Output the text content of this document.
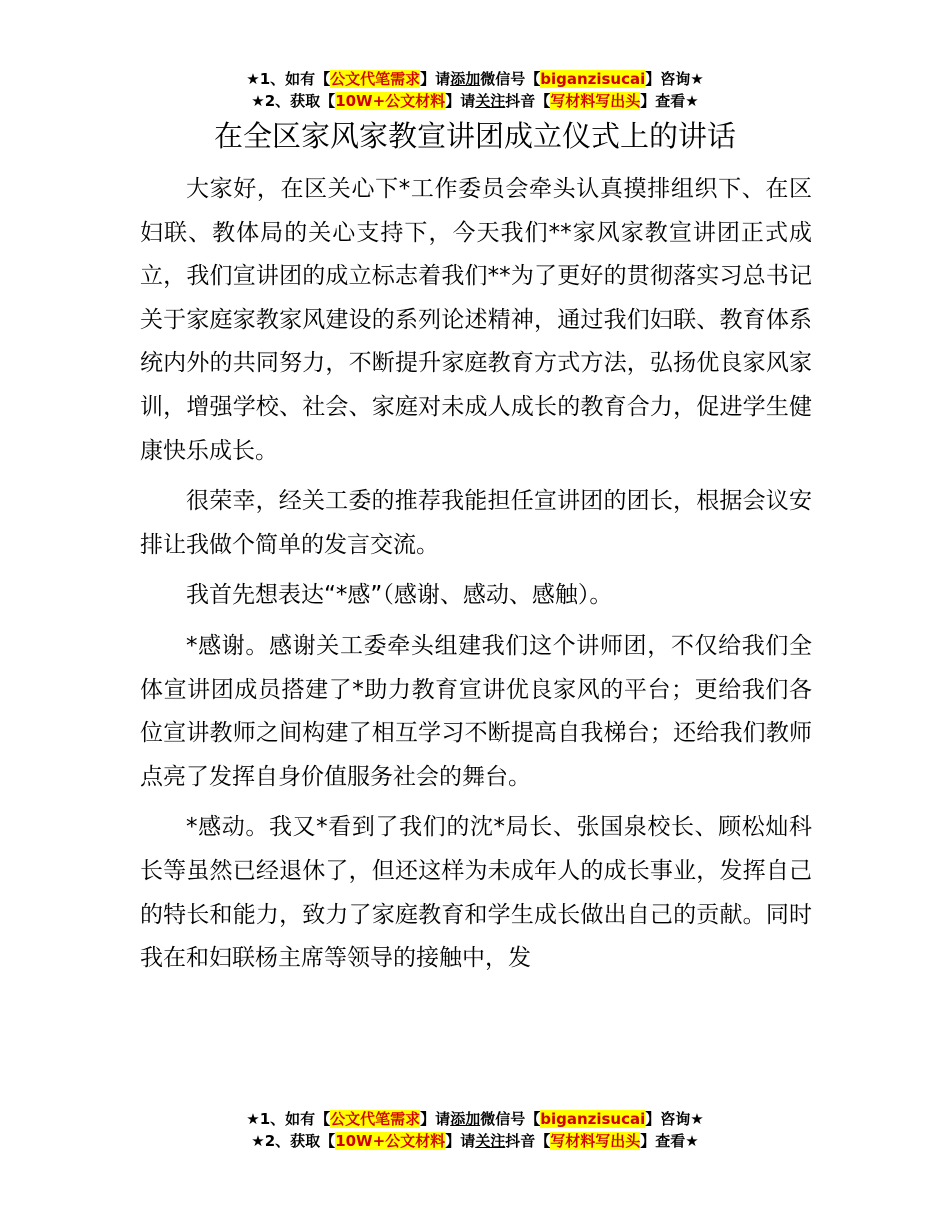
★1、如有【公文代笔需求】请添加微信号【biganzisucai】咨询★
★2、获取【10W+公文材料】请关注抖音【写材料写出头】查看★
在全区家风家教宣讲团成立仪式上的讲话

大家好，在区关心下*工作委员会牵头认真摸排组织下、在区妇联、教体局的关心支持下，今天我们**家风家教宣讲团正式成立，我们宣讲团的成立标志着我们**为了更好的贯彻落实习总书记关于家庭家教家风建设的系列论述精神，通过我们妇联、教育体系统内外的共同努力，不断提升家庭教育方式方法，弘扬优良家风家训，增强学校、社会、家庭对未成人成长的教育合力，促进学生健康快乐成长。

很荣幸，经关工委的推荐我能担任宣讲团的团长，根据会议安排让我做个简单的发言交流。

我首先想表达“*感”（感谢、感动、感触）。

*感谢。感谢关工委牵头组建我们这个讲师团，不仅给我们全体宣讲团成员搭建了*助力教育宣讲优良家风的平台；更给我们各位宣讲教师之间构建了相互学习不断提高自我梯台；还给我们教师点亮了发挥自身价值服务社会的舞台。

*感动。我又*看到了我们的沈*局长、张国泉校长、顾松灿科长等虽然已经退休了，但还这样为未成年人的成长事业，发挥自己的特长和能力，致力了家庭教育和学生成长做出自己的贡献。同时我在和妇联杨主席等领导的接触中，发

★1、如有【公文代笔需求】请添加微信号【biganzisucai】咨询★
★2、获取【10W+公文材料】请关注抖音【写材料写出头】查看★
